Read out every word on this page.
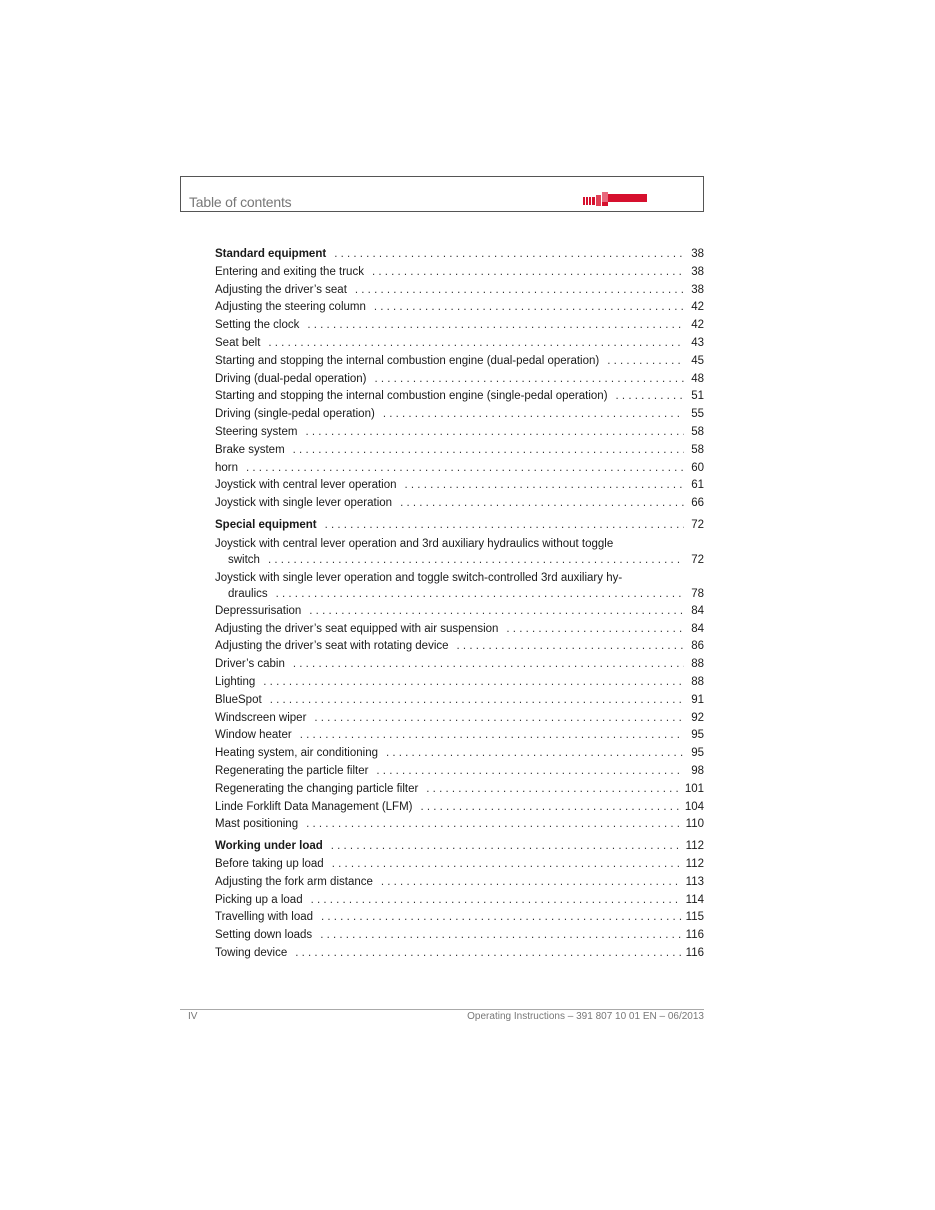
Table of contents
Standard equipment . . .	38
Entering and exiting the truck . . .	38
Adjusting the driver’s seat . . .	38
Adjusting the steering column . . .	42
Setting the clock . . .	42
Seat belt . . .	43
Starting and stopping the internal combustion engine (dual-pedal operation) . . .	45
Driving (dual-pedal operation) . . .	48
Starting and stopping the internal combustion engine (single-pedal operation) . . .	51
Driving (single-pedal operation) . . .	55
Steering system . . .	58
Brake system . . .	58
horn . . .	60
Joystick with central lever operation . . .	61
Joystick with single lever operation . . .	66
Special equipment . . .	72
Joystick with central lever operation and 3rd auxiliary hydraulics without toggle
switch . . .	72
Joystick with single lever operation and toggle switch-controlled 3rd auxiliary hy-
draulics . . .	78
Depressurisation . . .	84
Adjusting the driver’s seat equipped with air suspension . . .	84
Adjusting the driver’s seat with rotating device . . .	86
Driver’s cabin . . .	88
Lighting . . .	88
BlueSpot . . .	91
Windscreen wiper . . .	92
Window heater . . .	95
Heating system, air conditioning . . .	95
Regenerating the particle filter . . .	98
Regenerating the changing particle filter . . .	101
Linde Forklift Data Management (LFM) . . .	104
Mast positioning . . .	110
Working under load . . .	112
Before taking up load . . .	112
Adjusting the fork arm distance . . .	113
Picking up a load . . .	114
Travelling with load . . .	115
Setting down loads . . .	116
Towing device . . .	116
IV	Operating Instructions – 391 807 10 01 EN – 06/2013
